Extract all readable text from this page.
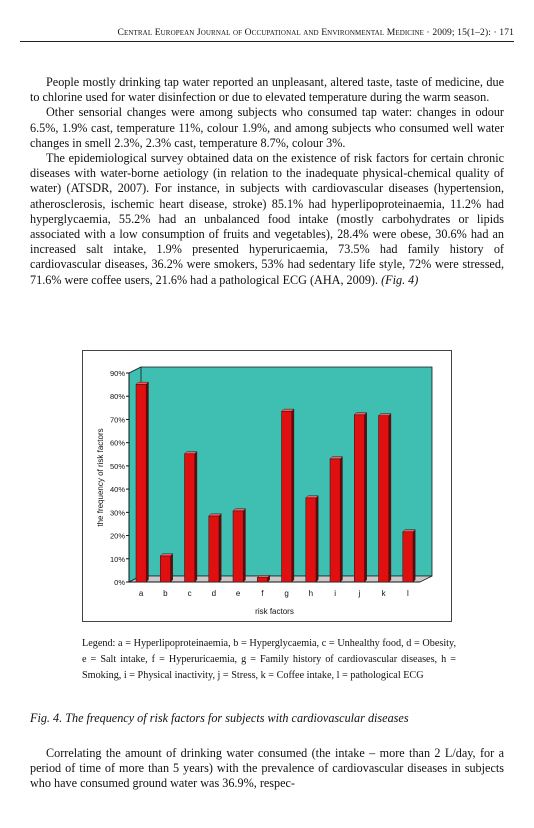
Central European Journal of Occupational and Environmental Medicine · 2009; 15(1–2): · 171

People mostly drinking tap water reported an unpleasant, altered taste, taste of medicine, due to chlorine used for water disinfection or due to elevated temperature during the warm season.

Other sensorial changes were among subjects who consumed tap water: changes in odour 6.5%, 1.9% cast, temperature 11%, colour 1.9%, and among subjects who consumed well water changes in smell 2.3%, 2.3% cast, temperature 8.7%, colour 3%.

The epidemiological survey obtained data on the existence of risk factors for certain chronic diseases with water-borne aetiology (in relation to the inadequate physical-chemical quality of water) (ATSDR, 2007). For instance, in subjects with cardiovascular diseases (hypertension, atherosclerosis, ischemic heart disease, stroke) 85.1% had hyperlipoproteinaemia, 11.2% had hyperglycaemia, 55.2% had an unbalanced food intake (mostly carbohydrates or lipids associated with a low consumption of fruits and vegetables), 28.4% were obese, 30.6% had an increased salt intake, 1.9% presented hyperuricaemia, 73.5% had family history of cardiovascular diseases, 36.2% were smokers, 53% had sedentary life style, 72% were stressed, 71.6% were coffee users, 21.6% had a pathological ECG (AHA, 2009). (Fig. 4)

0%
10%
20%
30%
40%
50%
60%
70%
80%
90%
a b	c	d e	f	g h	i	j	k	l
the frequency of risk factors
risk factors
Legend: a = Hyperlipoproteinaemia, b = Hyperglycaemia, c = Unhealthy food, d = Obesity, e = Salt intake, f = Hyperuricaemia, g = Family history of cardiovascular diseases, h = Smoking, i = Physical inactivity, j = Stress, k = Coffee intake, l = pathological ECG
Fig. 4. The frequency of risk factors for subjects with cardiovascular diseases

Correlating the amount of drinking water consumed (the intake – more than 2 L/day, for a period of time of more than 5 years) with the prevalence of cardiovascular diseases in subjects who have consumed ground water was 36.9%, respec-
